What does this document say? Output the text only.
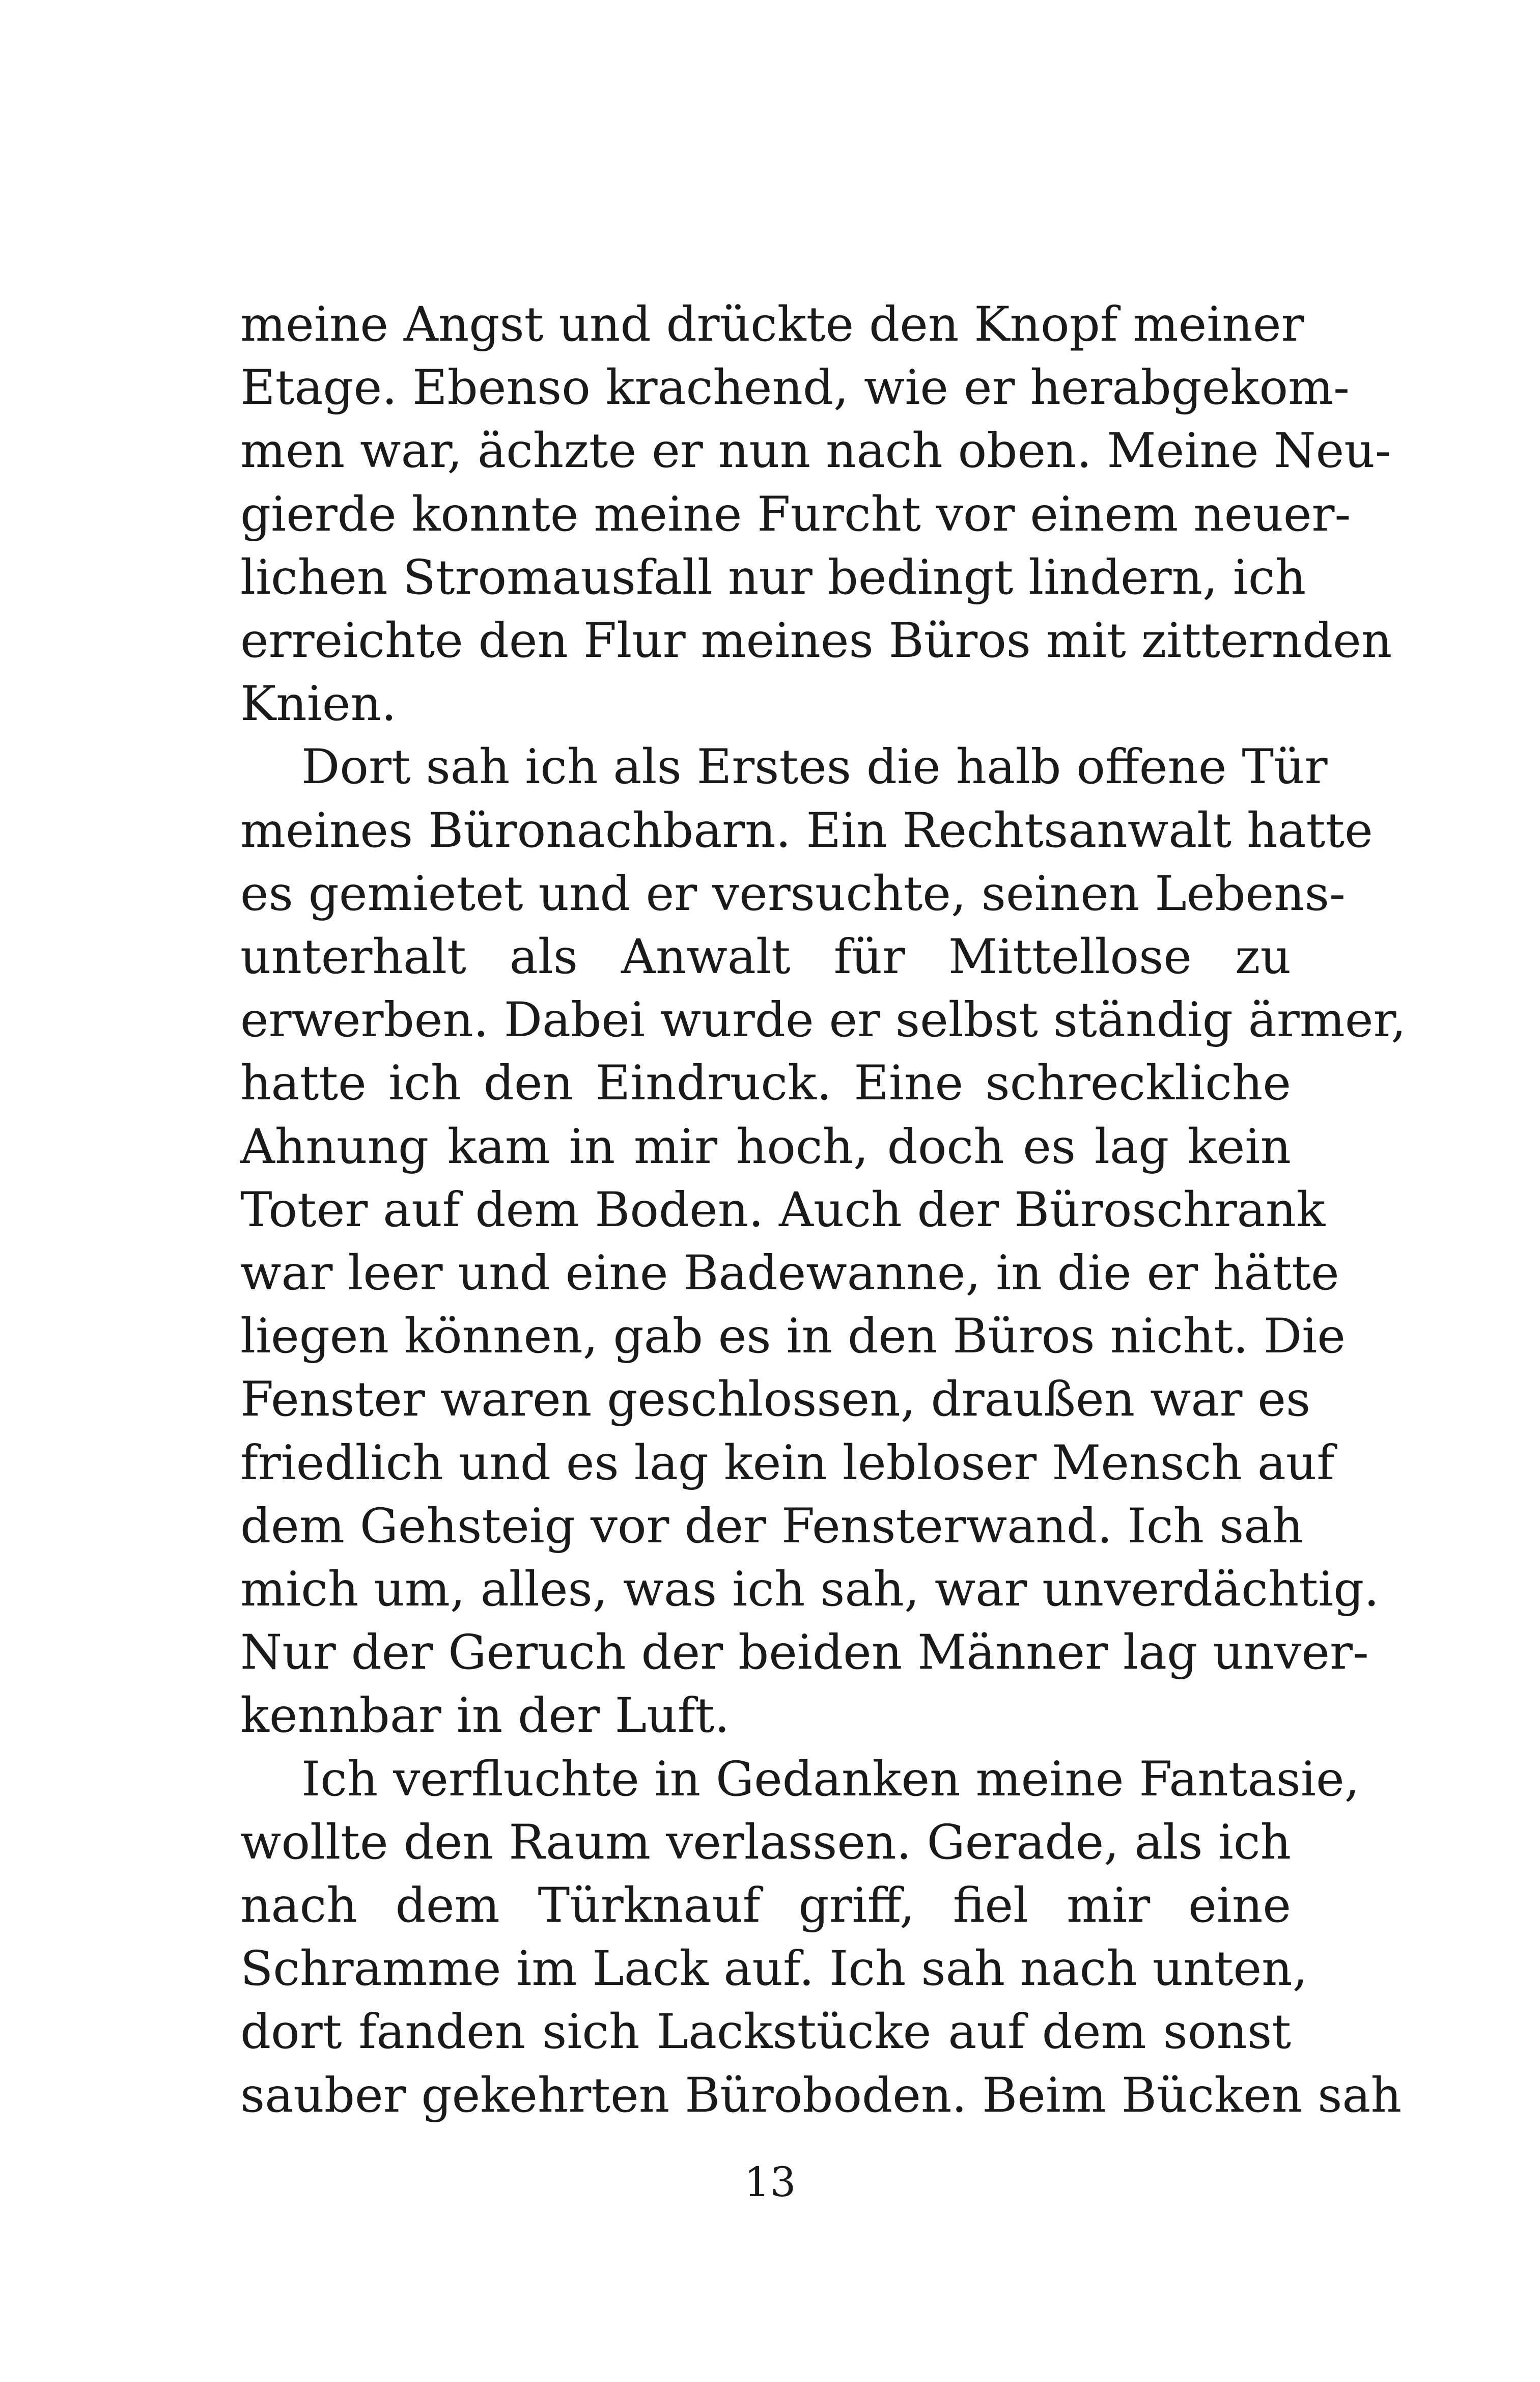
meine Angst und drückte den Knopf meiner
Etage. Ebenso krachend, wie er herabgekom-
men war, ächzte er nun nach oben. Meine Neu-
gierde konnte meine Furcht vor einem neuer-
lichen Stromausfall nur bedingt lindern, ich
erreichte den Flur meines Büros mit zitternden
Knien.

Dort sah ich als Erstes die halb offene Tür
meines Büronachbarn. Ein Rechtsanwalt hatte
es gemietet und er versuchte, seinen Lebens-
unterhalt als Anwalt für Mittellose zu
erwerben. Dabei wurde er selbst ständig ärmer,
hatte ich den Eindruck. Eine schreckliche
Ahnung kam in mir hoch, doch es lag kein
Toter auf dem Boden. Auch der Büroschrank
war leer und eine Badewanne, in die er hätte
liegen können, gab es in den Büros nicht. Die
Fenster waren geschlossen, draußen war es
friedlich und es lag kein lebloser Mensch auf
dem Gehsteig vor der Fensterwand. Ich sah
mich um, alles, was ich sah, war unverdächtig.
Nur der Geruch der beiden Männer lag unver-
kennbar in der Luft.

Ich verfluchte in Gedanken meine Fantasie,
wollte den Raum verlassen. Gerade, als ich
nach dem Türknauf griff, fiel mir eine
Schramme im Lack auf. Ich sah nach unten,
dort fanden sich Lackstücke auf dem sonst
sauber gekehrten Büroboden. Beim Bücken sah

13
